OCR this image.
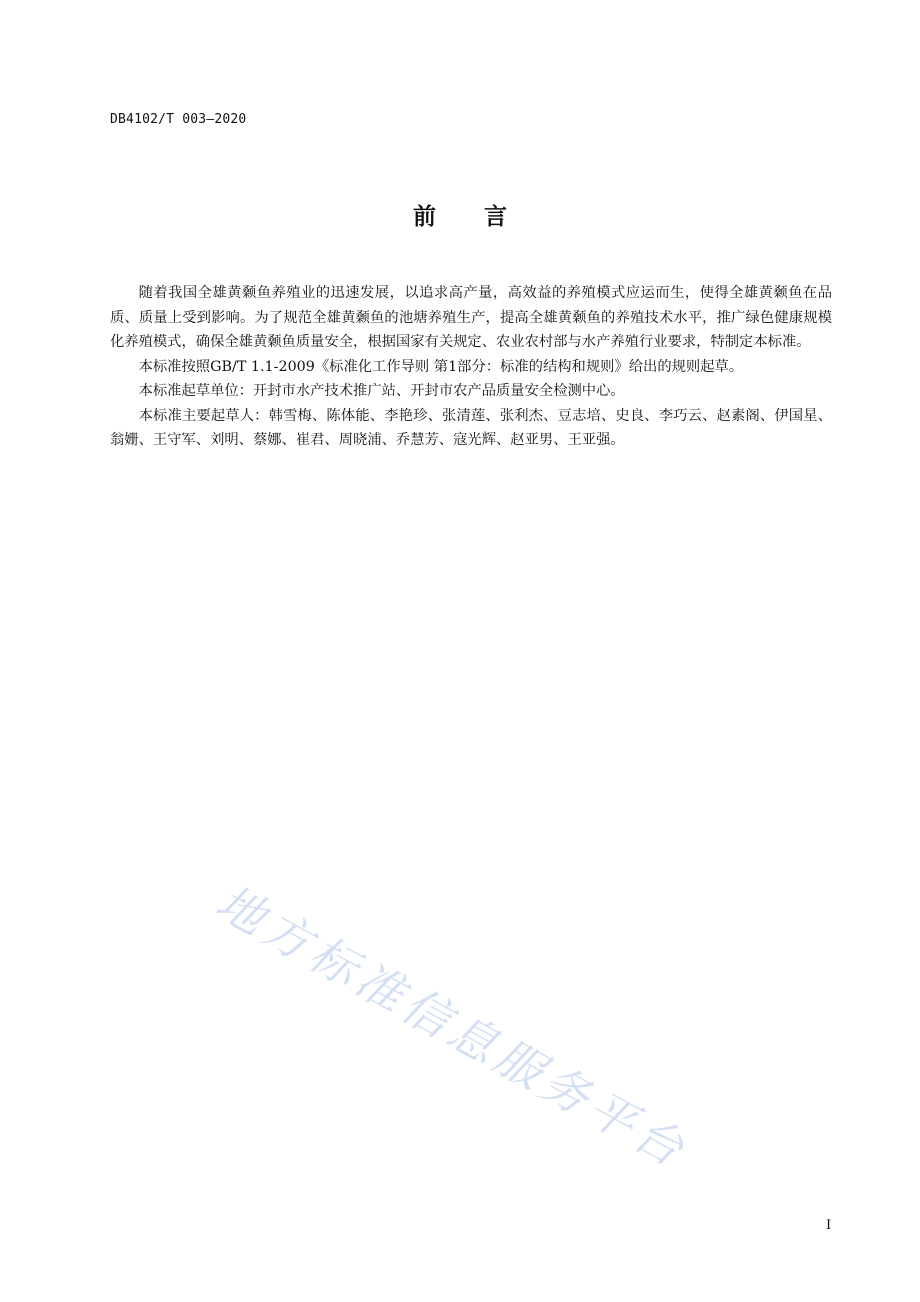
DB4102/T 003—2020

前言

随着我国全雄黄颡鱼养殖业的迅速发展，以追求高产量，高效益的养殖模式应运而生，使得全雄黄颡鱼在品质、质量上受到影响。为了规范全雄黄颡鱼的池塘养殖生产，提高全雄黄颡鱼的养殖技术水平，推广绿色健康规模化养殖模式，确保全雄黄颡鱼质量安全，根据国家有关规定、农业农村部与水产养殖行业要求，特制定本标准。

本标准按照GB/T 1.1-2009《标准化工作导则 第1部分：标准的结构和规则》给出的规则起草。

本标准起草单位：开封市水产技术推广站、开封市农产品质量安全检测中心。

本标准主要起草人：韩雪梅、陈体能、李艳珍、张清莲、张利杰、豆志培、史良、李巧云、赵素阁、伊国星、翁姗、王守军、刘明、蔡娜、崔君、周晓浦、乔慧芳、寇光辉、赵亚男、王亚强。

地方标准信息服务平台

I
